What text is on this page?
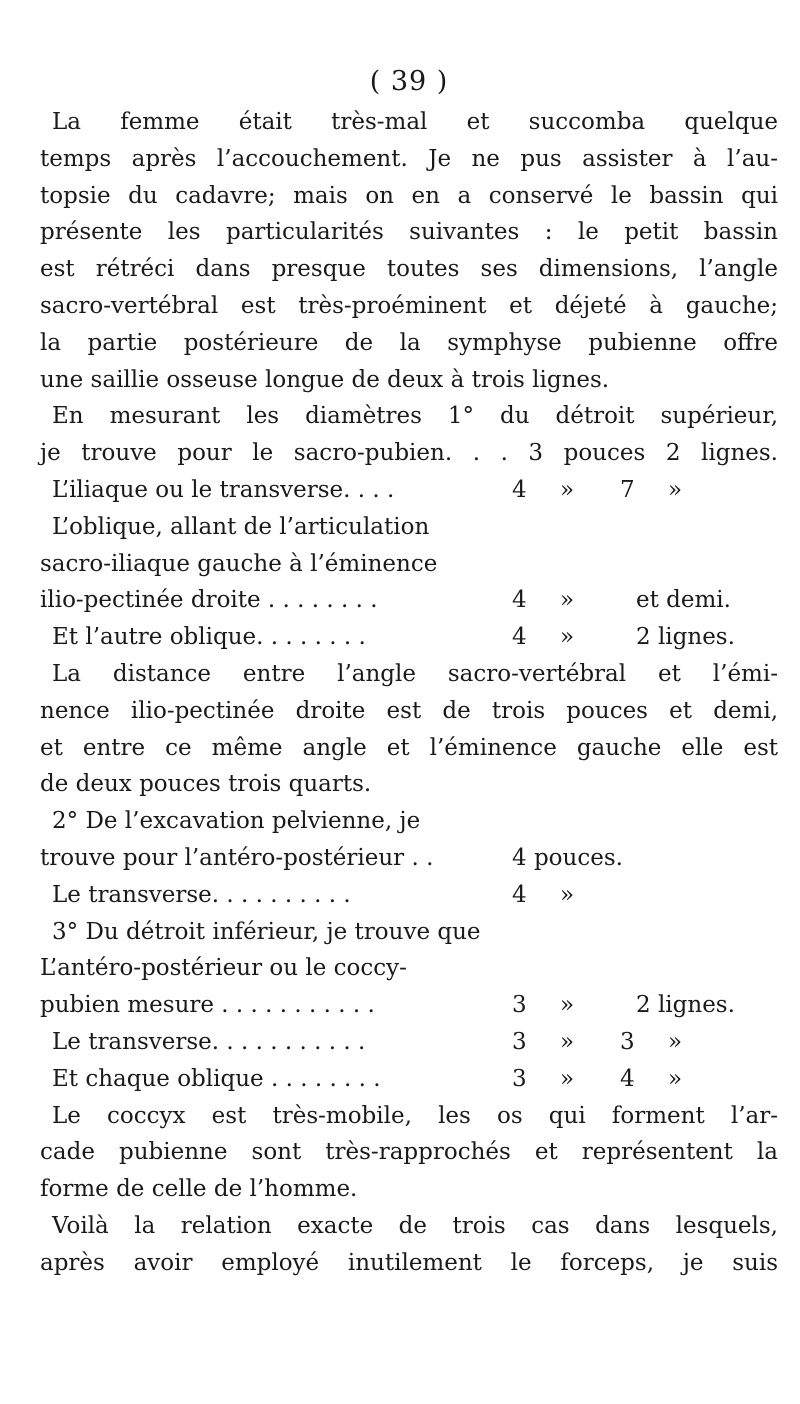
( 39 )
La femme était très-mal et succomba quelque
temps après l’accouchement. Je ne pus assister à l’au-
topsie du cadavre; mais on en a conservé le bassin qui
présente les particularités suivantes : le petit bassin
est rétréci dans presque toutes ses dimensions, l’angle
sacro-vertébral est très-proéminent et déjeté à gauche;
la partie postérieure de la symphyse pubienne offre
une saillie osseuse longue de deux à trois lignes.
En mesurant les diamètres 1° du détroit supérieur,
je trouve pour le sacro-pubien. . . 3 pouces 2 lignes.
L’iliaque ou le transverse. . . .	4 » 7 »
L’oblique, allant de l’articulation
sacro-iliaque gauche à l’éminence
ilio-pectinée droite . . . . . . . .	4 »	et demi.
Et l’autre oblique. . . . . . . .	4 »	2 lignes.
La distance entre l’angle sacro-vertébral et l’émi-
nence ilio-pectinée droite est de trois pouces et demi,
et entre ce même angle et l’éminence gauche elle est
de deux pouces trois quarts.
2° De l’excavation pelvienne, je
trouve pour l’antéro-postérieur . .	4 pouces.
Le transverse. . . . . . . . . .	4 »
3° Du détroit inférieur, je trouve que
L’antéro-postérieur ou le coccy-
pubien mesure . . . . . . . . . . .	3 »	2 lignes.
Le transverse. . . . . . . . . . .	3 » 3 »
Et chaque oblique . . . . . . . .	3 » 4 »
Le coccyx est très-mobile, les os qui forment l’ar-
cade pubienne sont très-rapprochés et représentent la
forme de celle de l’homme.
Voilà la relation exacte de trois cas dans lesquels,
après avoir employé inutilement le forceps, je suis
